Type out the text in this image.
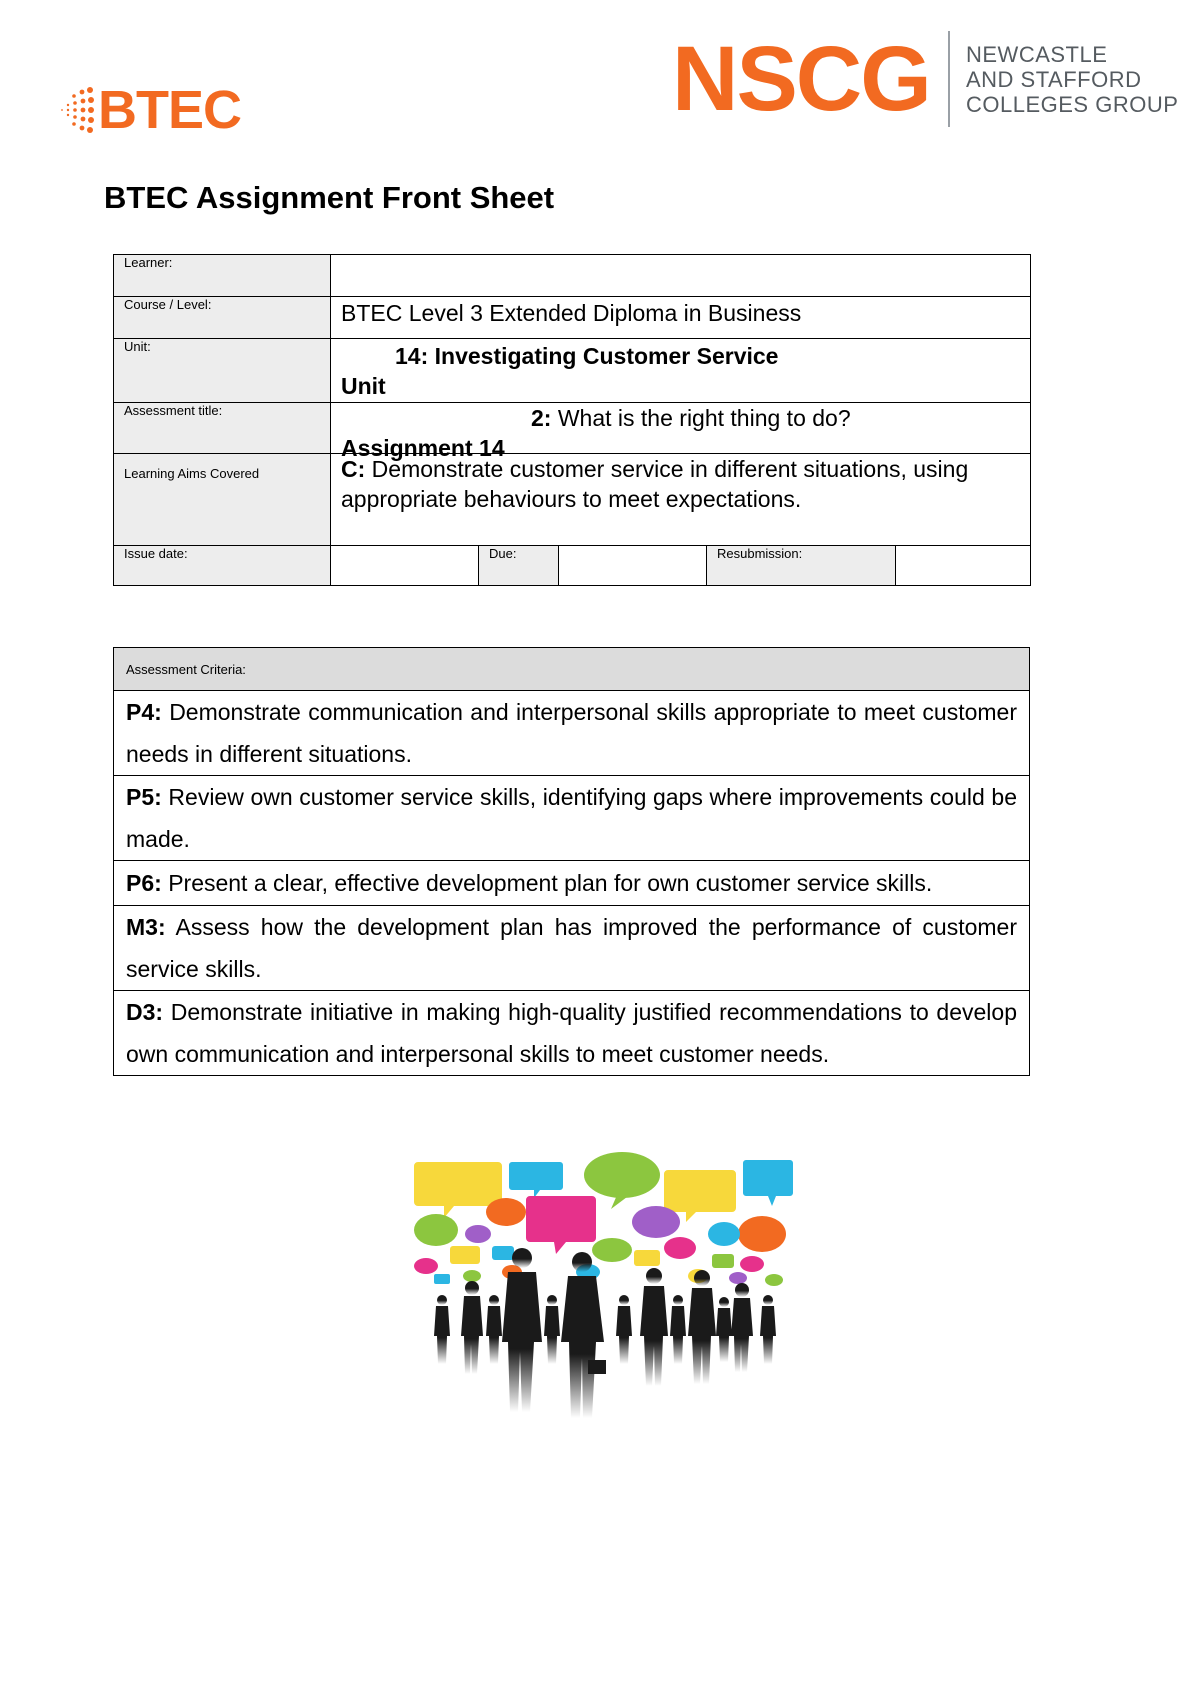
BTEC	NSCG NEWCASTLE
AND STAFFORD
COLLEGES GROUP
BTEC Assignment Front Sheet
Learner:					
Course / Level:	BTEC Level 3 Extended Diploma in Business				
Unit:	14: Investigating Customer Service
Unit				

Assessment title:	2: What is the right thing to do?
Assignment 14				

Learning Aims Covered	C: Demonstrate customer service in different situations, using appropriate behaviours to meet expectations.				

Issue date:		Due:		Resubmission:	
Assessment Criteria:
P4: Demonstrate communication and interpersonal skills appropriate to meet customer needs in different situations.
P5: Review own customer service skills, identifying gaps where improvements could be made.
P6: Present a clear, effective development plan for own customer service skills.
M3: Assess how the development plan has improved the performance of customer service skills.
D3: Demonstrate initiative in making high-quality justified recommendations to develop own communication and interpersonal skills to meet customer needs.
